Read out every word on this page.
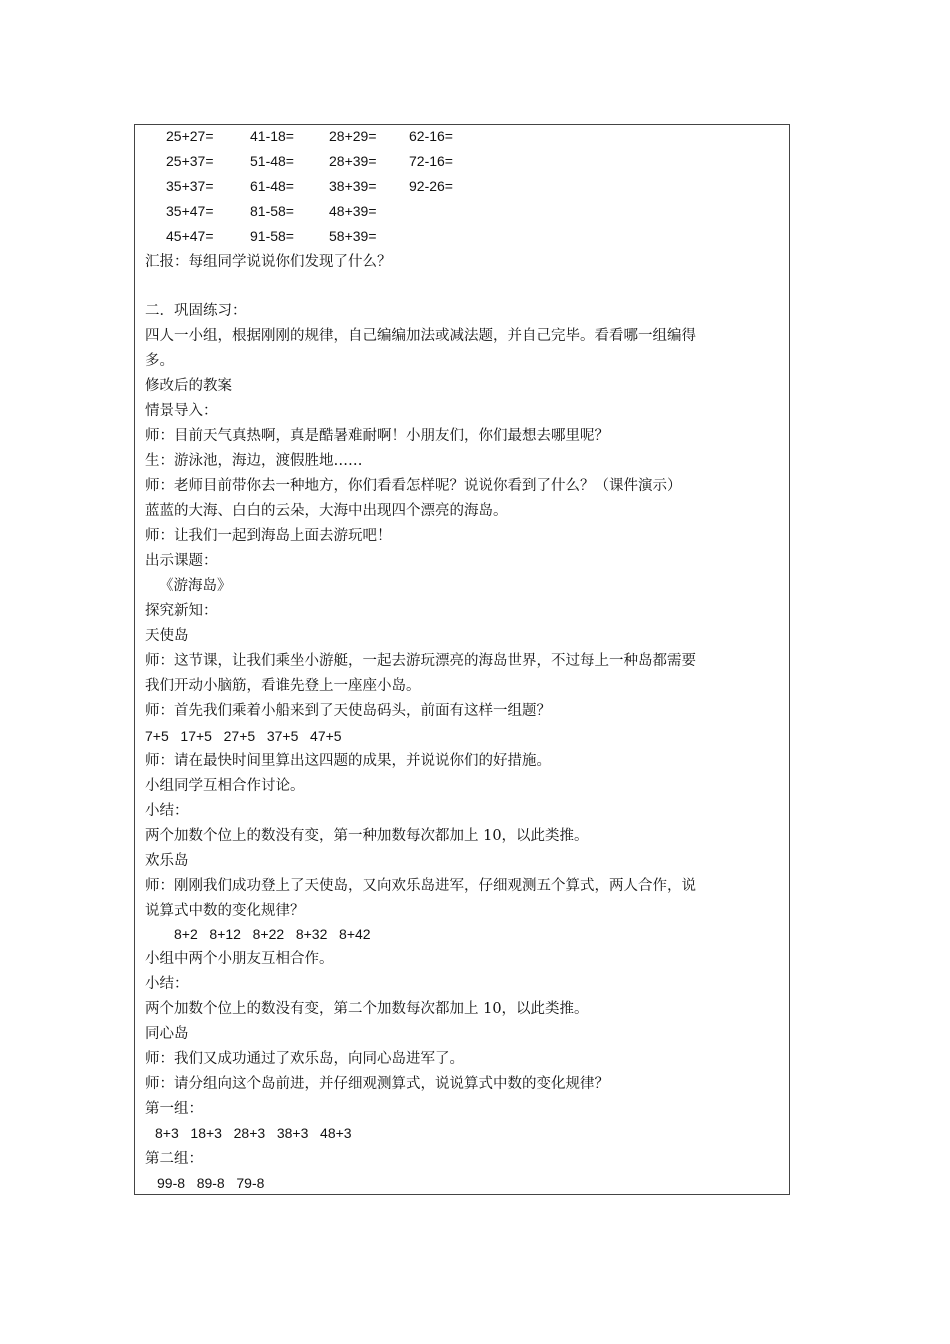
25+27=	41-18=	28+29= 62-16=
25+37=	51-48=	28+39= 72-16=
35+37=	61-48=	38+39= 92-26=
35+47=	81-58=	48+39=
45+47=	91-58=	58+39=
汇报：每组同学说说你们发现了什么？
二．巩固练习：
四人一小组，根据刚刚的规律，自己编编加法或减法题，并自己完毕。看看哪一组编得
多。
修改后的教案
情景导入：
师：目前天气真热啊，真是酷暑难耐啊！小朋友们，你们最想去哪里呢？
生：游泳池，海边，渡假胜地……
师：老师目前带你去一种地方，你们看看怎样呢？说说你看到了什么？（课件演示）
蓝蓝的大海、白白的云朵，大海中出现四个漂亮的海岛。
师：让我们一起到海岛上面去游玩吧！
出示课题：
《游海岛》
探究新知：
天使岛
师：这节课，让我们乘坐小游艇，一起去游玩漂亮的海岛世界，不过每上一种岛都需要
我们开动小脑筋，看谁先登上一座座小岛。
师：首先我们乘着小船来到了天使岛码头，前面有这样一组题？
7+5   17+5   27+5   37+5   47+5
师：请在最快时间里算出这四题的成果，并说说你们的好措施。
小组同学互相合作讨论。
小结：
两个加数个位上的数没有变，第一种加数每次都加上 10，以此类推。
欢乐岛
师：刚刚我们成功登上了天使岛，又向欢乐岛进军，仔细观测五个算式，两人合作，说
说算式中数的变化规律？
8+2   8+12   8+22   8+32   8+42
小组中两个小朋友互相合作。
小结：
两个加数个位上的数没有变，第二个加数每次都加上 10，以此类推。
同心岛
师：我们又成功通过了欢乐岛，向同心岛进军了。
师：请分组向这个岛前进，并仔细观测算式，说说算式中数的变化规律？
第一组：
8+3   18+3   28+3   38+3   48+3
第二组：
99-8   89-8   79-8
